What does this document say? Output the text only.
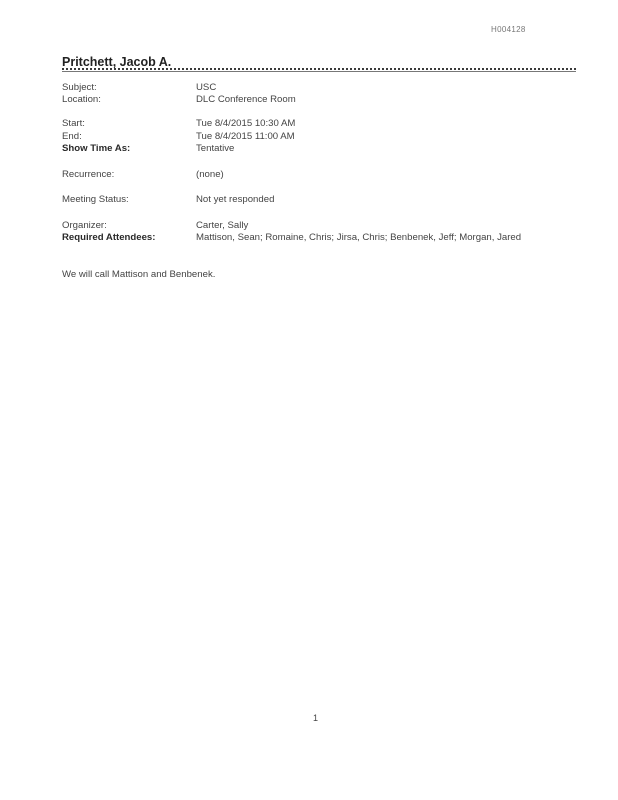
H004128
Pritchett, Jacob A.
Subject:	USC
Location:	DLC Conference Room
Start:	Tue 8/4/2015 10:30 AM
End:	Tue 8/4/2015 11:00 AM
Show Time As:	Tentative
Recurrence:	(none)
Meeting Status:	Not yet responded
Organizer:	Carter, Sally
Required Attendees:	Mattison, Sean; Romaine, Chris; Jirsa, Chris; Benbenek, Jeff; Morgan, Jared
We will call Mattison and Benbenek.
1
